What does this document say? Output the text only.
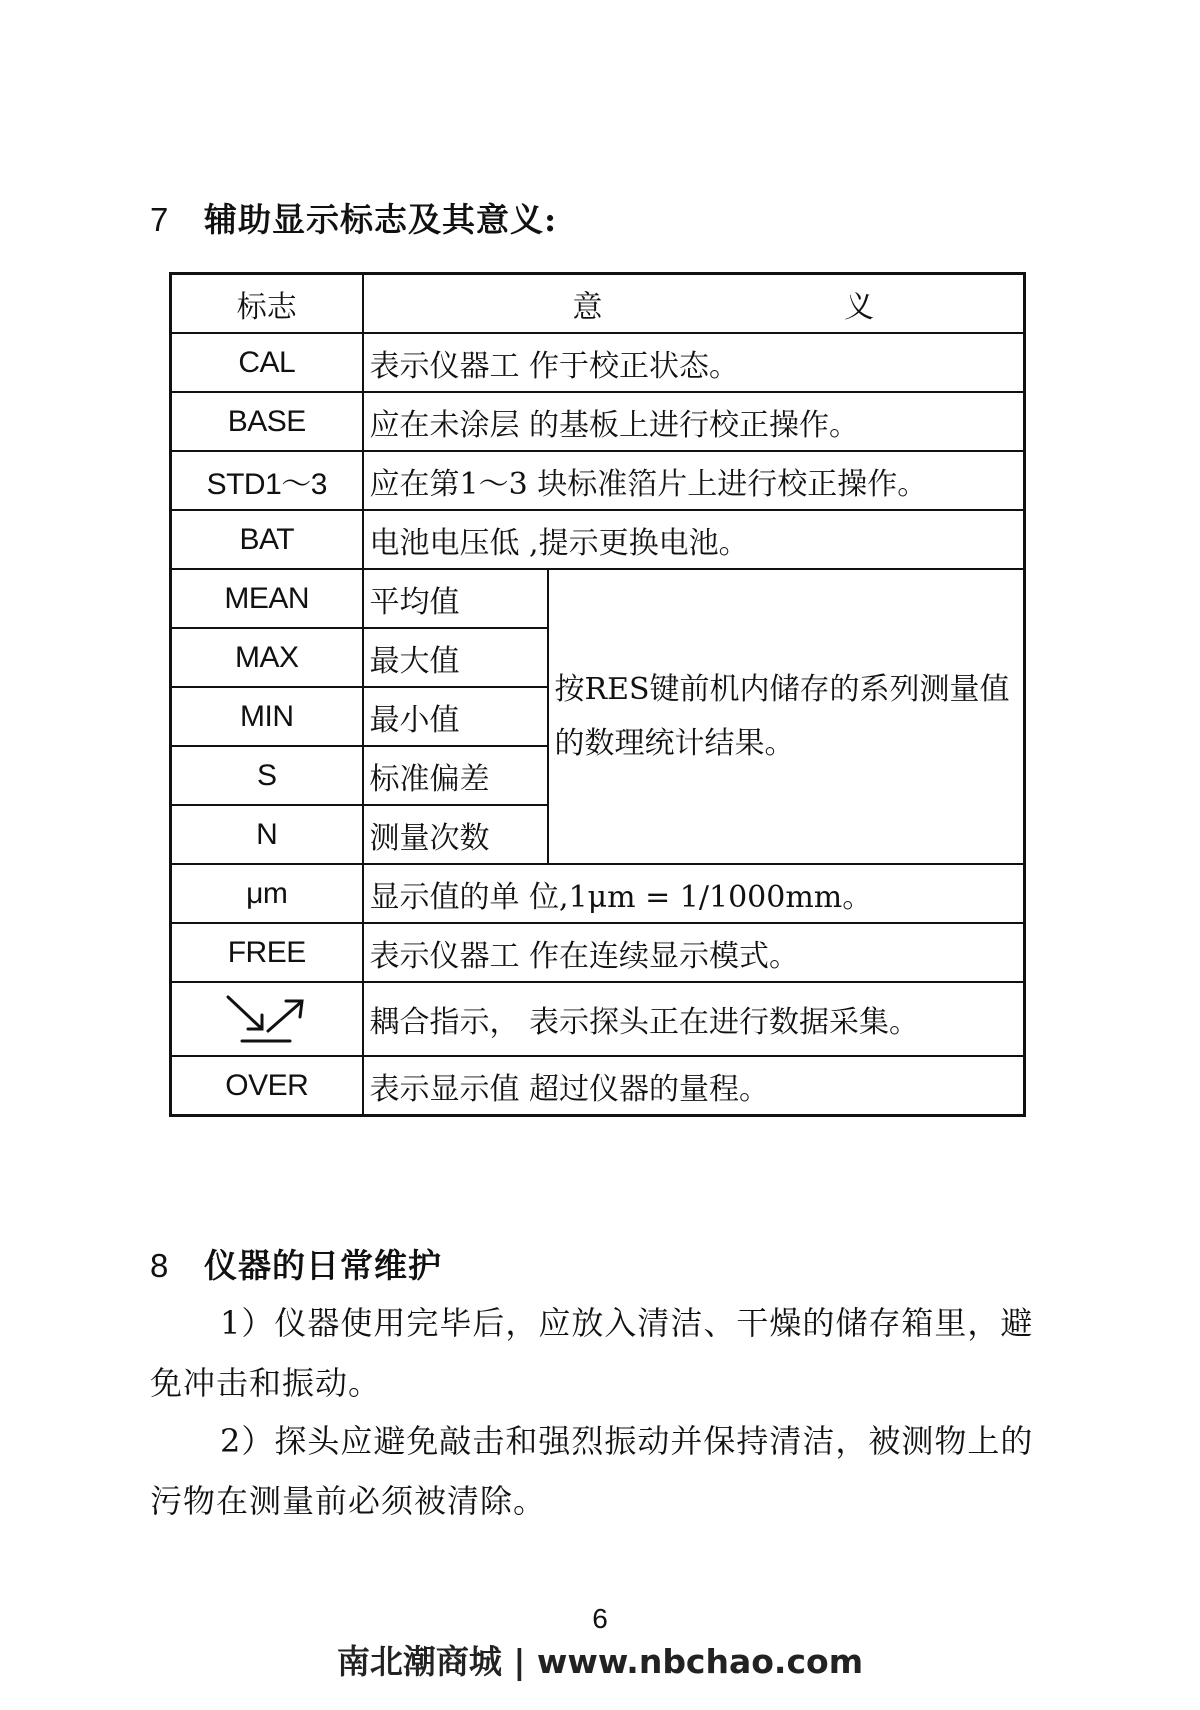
7 辅助显示标志及其意义:
标志	意 义	
CAL	表示仪器工 作于校正状态。	
BASE	应在未涂层 的基板上进行校正操作。	
STD1～3	应在第1～3 块标准箔片上进行校正操作。	
BAT	电池电压低 ,提示更换电池。	
MEAN	平均值	按RES键前机内储存的系列测量值的数理统计结果。
MAX	最大值	
MIN	最小值	
S	标准偏差	
N	测量次数	
μm	显示值的单 位,1μm = 1/1000mm。	
FREE	表示仪器工 作在连续显示模式。	

	耦合指示， 表示探头正在进行数据采集。	
OVER	表示显示值 超过仪器的量程。	
8 仪器的日常维护
1）仪器使用完毕后，应放入清洁、干燥的储存箱里，避免冲击和振动。
2）探头应避免敲击和强烈振动并保持清洁，被测物上的污物在测量前必须被清除。
6
南北潮商城 | www.nbchao.com
